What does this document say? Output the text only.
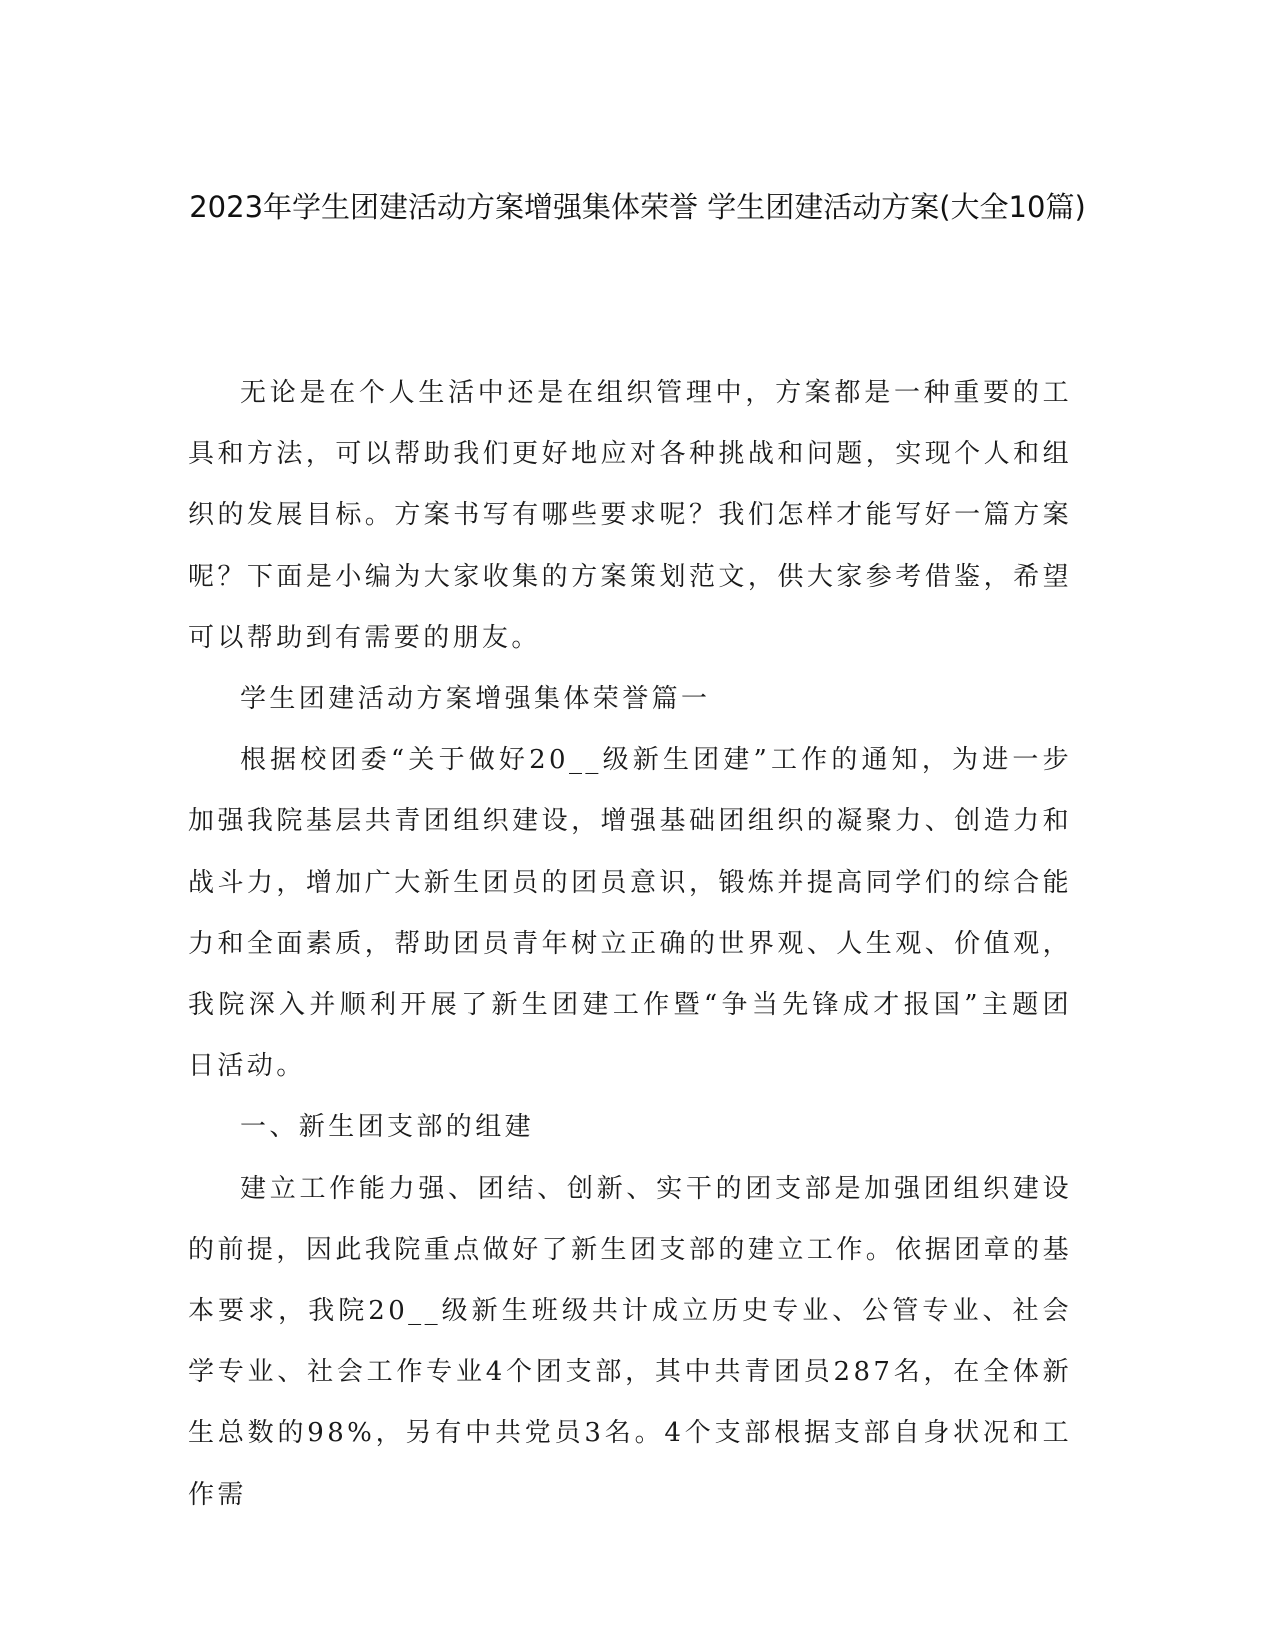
2023年学生团建活动方案增强集体荣誉 学生团建活动方案(大全10篇)

无论是在个人生活中还是在组织管理中，方案都是一种重要的工具和方法，可以帮助我们更好地应对各种挑战和问题，实现个人和组织的发展目标。方案书写有哪些要求呢？我们怎样才能写好一篇方案呢？下面是小编为大家收集的方案策划范文，供大家参考借鉴，希望可以帮助到有需要的朋友。

学生团建活动方案增强集体荣誉篇一

根据校团委“关于做好20__级新生团建”工作的通知，为进一步加强我院基层共青团组织建设，增强基础团组织的凝聚力、创造力和战斗力，增加广大新生团员的团员意识，锻炼并提高同学们的综合能力和全面素质，帮助团员青年树立正确的世界观、人生观、价值观，我院深入并顺利开展了新生团建工作暨“争当先锋成才报国”主题团日活动。

一、新生团支部的组建

建立工作能力强、团结、创新、实干的团支部是加强团组织建设的前提，因此我院重点做好了新生团支部的建立工作。依据团章的基本要求，我院20__级新生班级共计成立历史专业、公管专业、社会学专业、社会工作专业4个团支部，其中共青团员287名，在全体新生总数的98%，另有中共党员3名。4个支部根据支部自身状况和工作需
